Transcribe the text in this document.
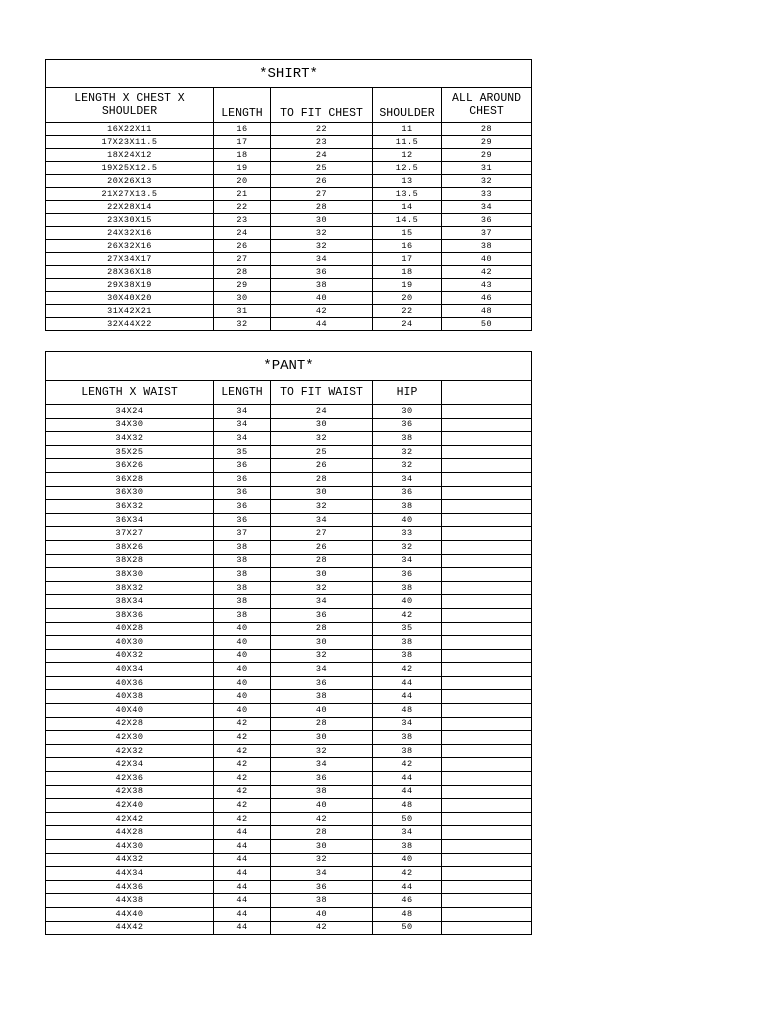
*SHIRT*				
LENGTH X CHEST X SHOULDER	LENGTH	TO FIT CHEST	SHOULDER	ALL AROUND CHEST
16X22X11	16	22	11	28
17X23X11.5	17	23	11.5	29
18X24X12	18	24	12	29
19X25X12.5	19	25	12.5	31
20X26X13	20	26	13	32
21X27X13.5	21	27	13.5	33
22X28X14	22	28	14	34
23X30X15	23	30	14.5	36
24X32X16	24	32	15	37
26X32X16	26	32	16	38
27X34X17	27	34	17	40
28X36X18	28	36	18	42
29X38X19	29	38	19	43
30X40X20	30	40	20	46
31X42X21	31	42	22	48
32X44X22	32	44	24	50
*PANT*				
LENGTH X WAIST	LENGTH	TO FIT WAIST	HIP	
34X24	34	24	30	
34X30	34	30	36	
34X32	34	32	38	
35X25	35	25	32	
36X26	36	26	32	
36X28	36	28	34	
36X30	36	30	36	
36X32	36	32	38	
36X34	36	34	40	
37X27	37	27	33	
38X26	38	26	32	
38X28	38	28	34	
38X30	38	30	36	
38X32	38	32	38	
38X34	38	34	40	
38X36	38	36	42	
40X28	40	28	35	
40X30	40	30	38	
40X32	40	32	38	
40X34	40	34	42	
40X36	40	36	44	
40X38	40	38	44	
40X40	40	40	48	
42X28	42	28	34	
42X30	42	30	38	
42X32	42	32	38	
42X34	42	34	42	
42X36	42	36	44	
42X38	42	38	44	
42X40	42	40	48	
42X42	42	42	50	
44X28	44	28	34	
44X30	44	30	38	
44X32	44	32	40	
44X34	44	34	42	
44X36	44	36	44	
44X38	44	38	46	
44X40	44	40	48	
44X42	44	42	50	
